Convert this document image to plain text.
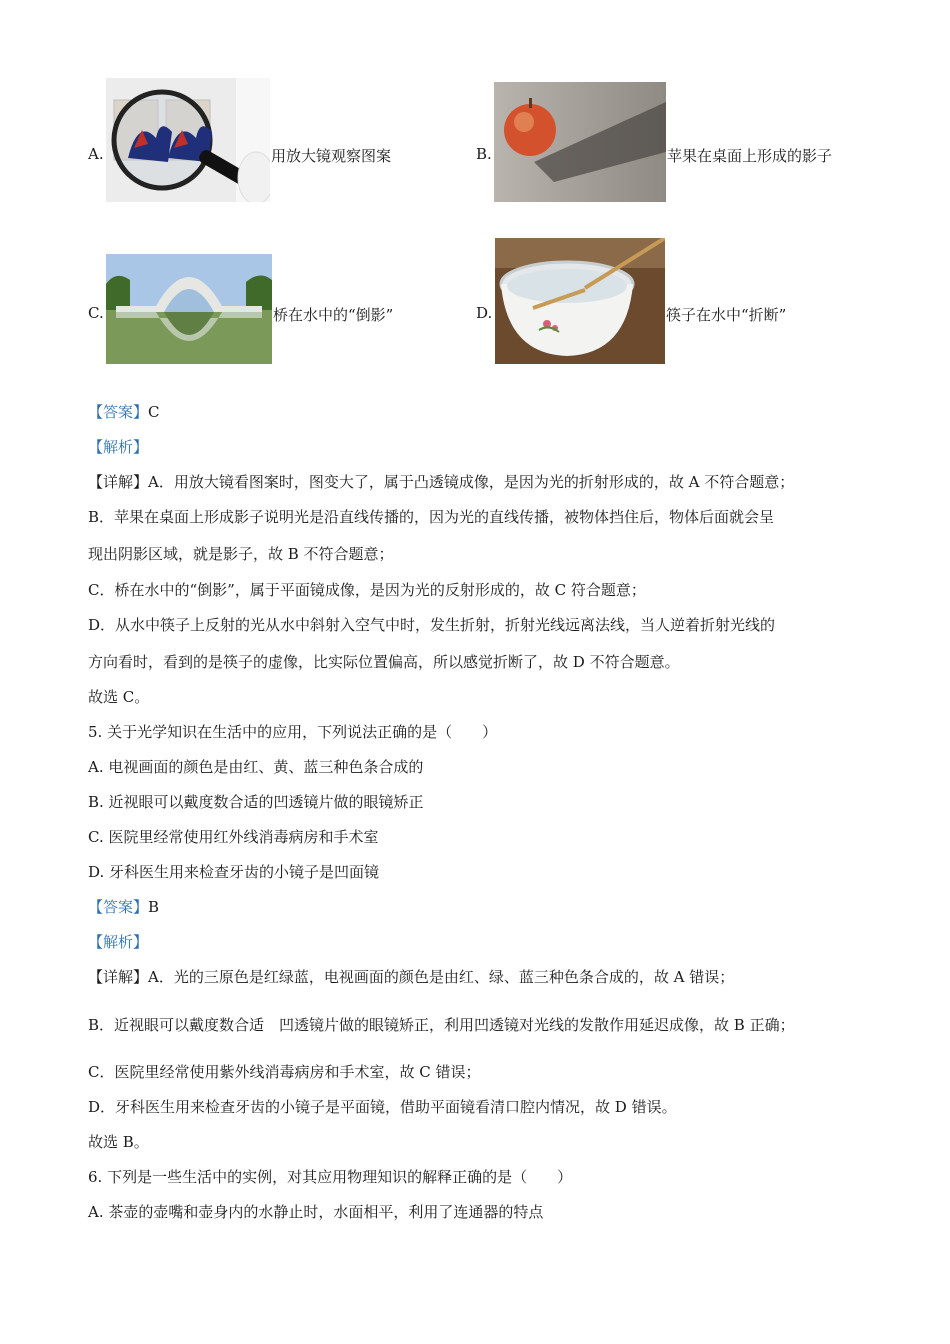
A.	用放大镜观察图案	B.	苹果在桌面上形成的影子
C.	桥在水中的“倒影”	D.	筷子在水中“折断”
【答案】C
【解析】
【详解】A．用放大镜看图案时，图变大了，属于凸透镜成像，是因为光的折射形成的，故 A 不符合题意；
B．苹果在桌面上形成影子说明光是沿直线传播的，因为光的直线传播，被物体挡住后，物体后面就会呈
现出阴影区域，就是影子，故 B 不符合题意；
C．桥在水中的“倒影”，属于平面镜成像，是因为光的反射形成的，故 C 符合题意；
D．从水中筷子上反射的光从水中斜射入空气中时，发生折射，折射光线远离法线，当人逆着折射光线的
方向看时，看到的是筷子的虚像，比实际位置偏高，所以感觉折断了，故 D 不符合题意。
故选 C。
5. 关于光学知识在生活中的应用，下列说法正确的是（　　）
A. 电视画面的颜色是由红、黄、蓝三种色条合成的
B. 近视眼可以戴度数合适的凹透镜片做的眼镜矫正
C. 医院里经常使用红外线消毒病房和手术室
D. 牙科医生用来检查牙齿的小镜子是凹面镜
【答案】B
【解析】
【详解】A．光的三原色是红绿蓝，电视画面的颜色是由红、绿、蓝三种色条合成的，故 A 错误；
B．近视眼可以戴度数合适　凹透镜片做的眼镜矫正，利用凹透镜对光线的发散作用延迟成像，故 B 正确；
C．医院里经常使用紫外线消毒病房和手术室，故 C 错误；
D．牙科医生用来检查牙齿的小镜子是平面镜，借助平面镜看清口腔内情况，故 D 错误。
故选 B。
6. 下列是一些生活中的实例，对其应用物理知识的解释正确的是（　　）
A. 茶壶的壶嘴和壶身内的水静止时，水面相平，利用了连通器的特点
